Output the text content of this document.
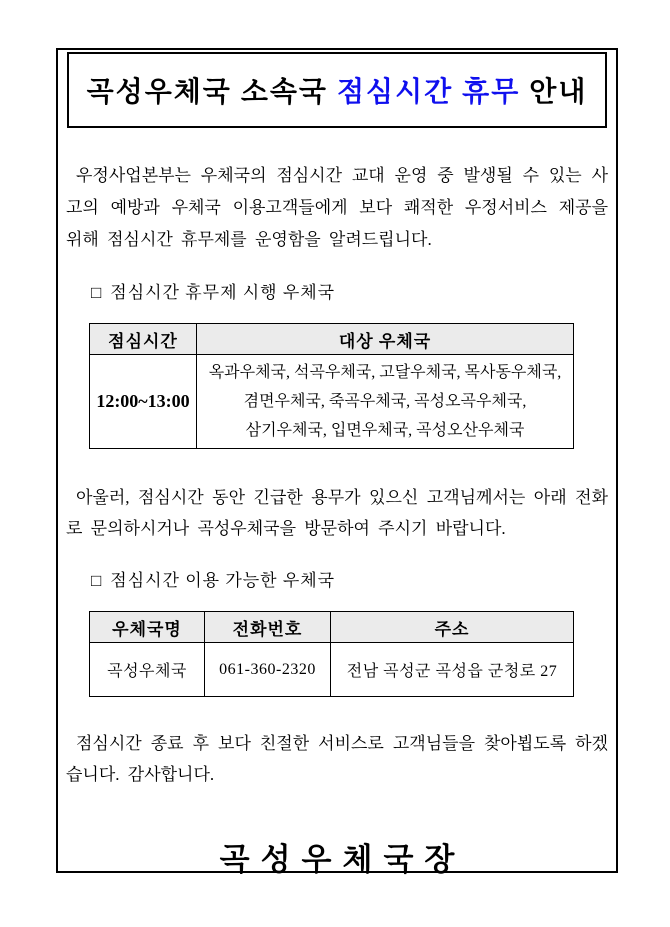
곡성우체국 소속국 점심시간 휴무 안내

우정사업본부는 우체국의 점심시간 교대 운영 중 발생될 수 있는 사고의 예방과 우체국 이용고객들에게 보다 쾌적한 우정서비스 제공을 위해 점심시간 휴무제를 운영함을 알려드립니다.

□ 점심시간 휴무제 시행 우체국
점심시간	대상 우체국
12:00~13:00	옥과우체국, 석곡우체국, 고달우체국, 목사동우체국,
겸면우체국, 죽곡우체국, 곡성오곡우체국,
삼기우체국, 입면우체국, 곡성오산우체국

아울러, 점심시간 동안 긴급한 용무가 있으신 고객님께서는 아래 전화로 문의하시거나 곡성우체국을 방문하여 주시기 바랍니다.

□ 점심시간 이용 가능한 우체국
우체국명	전화번호	주소
곡성우체국	061-360-2320	전남 곡성군 곡성읍 군청로 27

점심시간 종료 후 보다 친절한 서비스로 고객님들을 찾아뵙도록 하겠습니다. 감사합니다.

곡성우체국장
